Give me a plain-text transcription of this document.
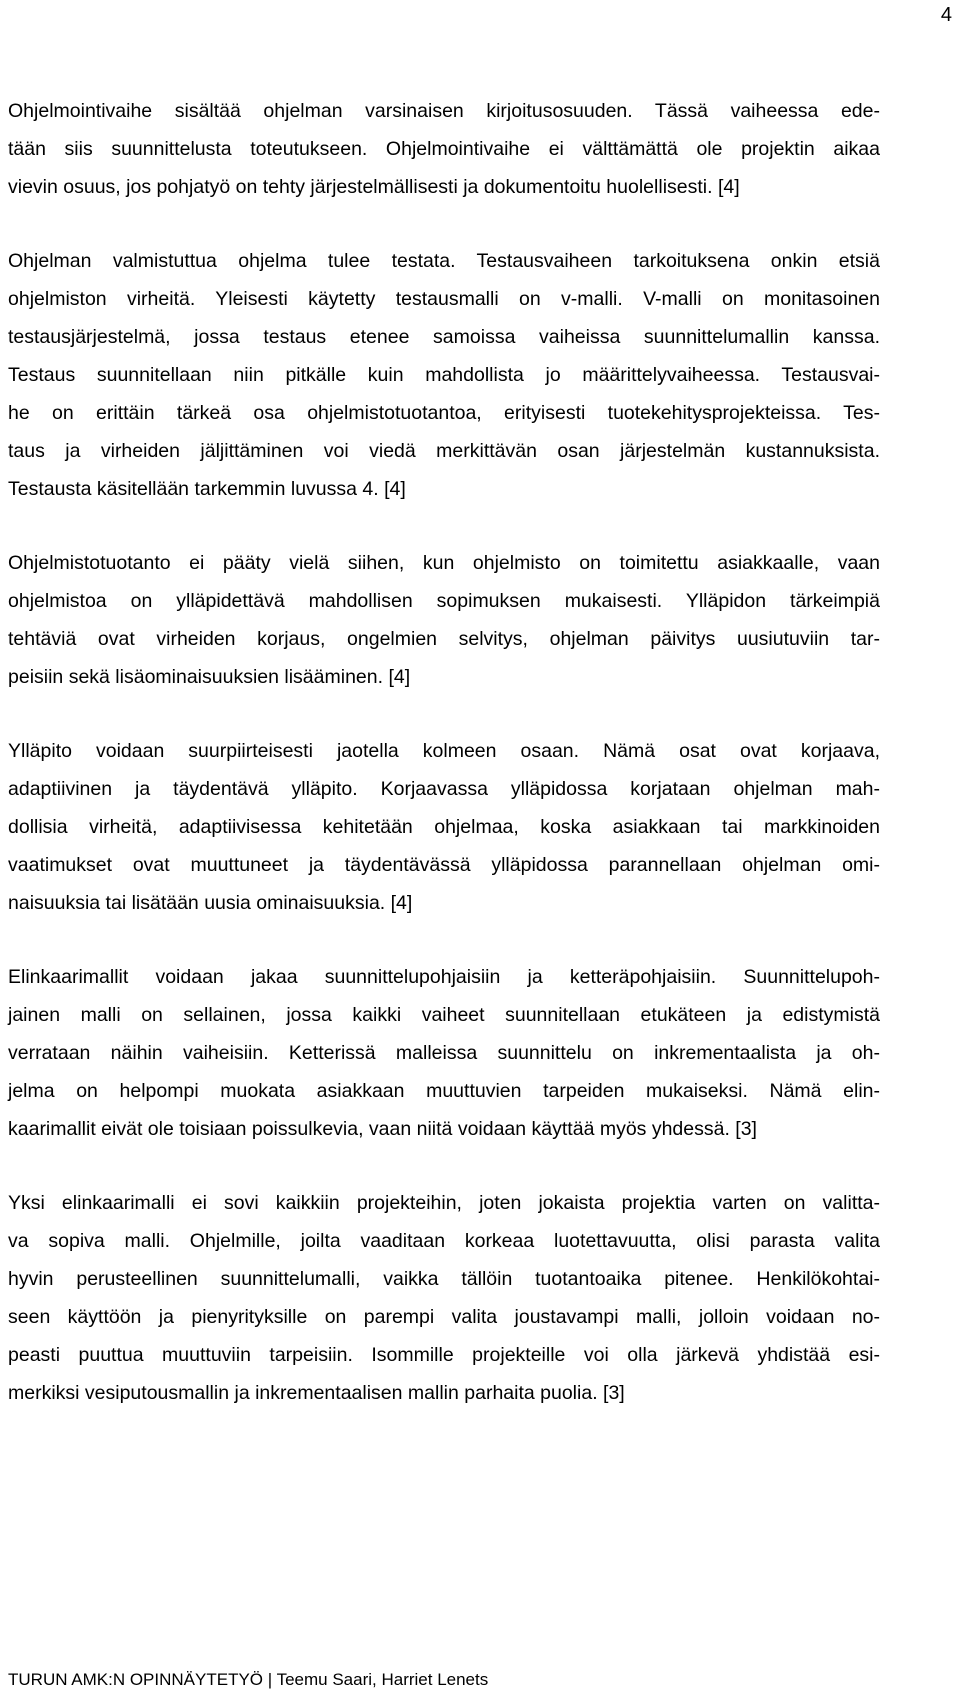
4

Ohjelmointivaihe sisältää ohjelman varsinaisen kirjoitusosuuden. Tässä vaiheessa ede-
tään siis suunnittelusta toteutukseen. Ohjelmointivaihe ei välttämättä ole projektin aikaa
vievin osuus, jos pohjatyö on tehty järjestelmällisesti ja dokumentoitu huolellisesti. [4]

Ohjelman valmistuttua ohjelma tulee testata. Testausvaiheen tarkoituksena onkin etsiä
ohjelmiston virheitä. Yleisesti käytetty testausmalli on v-malli. V-malli on monitasoinen
testausjärjestelmä, jossa testaus etenee samoissa vaiheissa suunnittelumallin kanssa.
Testaus suunnitellaan niin pitkälle kuin mahdollista jo määrittelyvaiheessa. Testausvai-
he on erittäin tärkeä osa ohjelmistotuotantoa, erityisesti tuotekehitysprojekteissa. Tes-
taus ja virheiden jäljittäminen voi viedä merkittävän osan järjestelmän kustannuksista.
Testausta käsitellään tarkemmin luvussa 4. [4]

Ohjelmistotuotanto ei pääty vielä siihen, kun ohjelmisto on toimitettu asiakkaalle, vaan
ohjelmistoa on ylläpidettävä mahdollisen sopimuksen mukaisesti. Ylläpidon tärkeimpiä
tehtäviä ovat virheiden korjaus, ongelmien selvitys, ohjelman päivitys uusiutuviin tar-
peisiin sekä lisäominaisuuksien lisääminen. [4]

Ylläpito voidaan suurpiirteisesti jaotella kolmeen osaan. Nämä osat ovat korjaava,
adaptiivinen ja täydentävä ylläpito. Korjaavassa ylläpidossa korjataan ohjelman mah-
dollisia virheitä, adaptiivisessa kehitetään ohjelmaa, koska asiakkaan tai markkinoiden
vaatimukset ovat muuttuneet ja täydentävässä ylläpidossa parannellaan ohjelman omi-
naisuuksia tai lisätään uusia ominaisuuksia. [4]

Elinkaarimallit voidaan jakaa suunnittelupohjaisiin ja ketteräpohjaisiin. Suunnittelupoh-
jainen malli on sellainen, jossa kaikki vaiheet suunnitellaan etukäteen ja edistymistä
verrataan näihin vaiheisiin. Ketterissä malleissa suunnittelu on inkrementaalista ja oh-
jelma on helpompi muokata asiakkaan muuttuvien tarpeiden mukaiseksi. Nämä elin-
kaarimallit eivät ole toisiaan poissulkevia, vaan niitä voidaan käyttää myös yhdessä. [3]

Yksi elinkaarimalli ei sovi kaikkiin projekteihin, joten jokaista projektia varten on valitta-
va sopiva malli. Ohjelmille, joilta vaaditaan korkeaa luotettavuutta, olisi parasta valita
hyvin perusteellinen suunnittelumalli, vaikka tällöin tuotantoaika pitenee. Henkilökohtai-
seen käyttöön ja pienyrityksille on parempi valita joustavampi malli, jolloin voidaan no-
peasti puuttua muuttuviin tarpeisiin. Isommille projekteille voi olla järkevä yhdistää esi-
merkiksi vesiputousmallin ja inkrementaalisen mallin parhaita puolia. [3]

TURUN AMK:N OPINNÄYTETYÖ | Teemu Saari, Harriet Lenets
